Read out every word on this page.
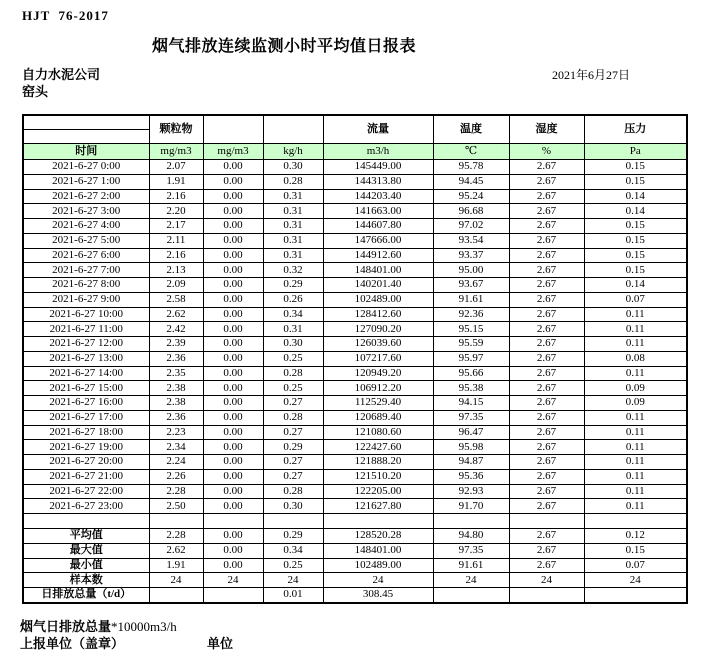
HJT  76-2017
烟气排放连续监测小时平均值日报表
自力水泥公司
窑头
2021年6月27日
	颗粒物			流量	温度	湿度	压力

时间	mg/m3	mg/m3	kg/h	m3/h	℃	%	Pa
2021-6-27 0:00	2.07	0.00	0.30	145449.00	95.78	2.67	0.15
2021-6-27 1:00	1.91	0.00	0.28	144313.80	94.45	2.67	0.15
2021-6-27 2:00	2.16	0.00	0.31	144203.40	95.24	2.67	0.14
2021-6-27 3:00	2.20	0.00	0.31	141663.00	96.68	2.67	0.14
2021-6-27 4:00	2.17	0.00	0.31	144607.80	97.02	2.67	0.15
2021-6-27 5:00	2.11	0.00	0.31	147666.00	93.54	2.67	0.15
2021-6-27 6:00	2.16	0.00	0.31	144912.60	93.37	2.67	0.15
2021-6-27 7:00	2.13	0.00	0.32	148401.00	95.00	2.67	0.15
2021-6-27 8:00	2.09	0.00	0.29	140201.40	93.67	2.67	0.14
2021-6-27 9:00	2.58	0.00	0.26	102489.00	91.61	2.67	0.07
2021-6-27 10:00	2.62	0.00	0.34	128412.60	92.36	2.67	0.11
2021-6-27 11:00	2.42	0.00	0.31	127090.20	95.15	2.67	0.11
2021-6-27 12:00	2.39	0.00	0.30	126039.60	95.59	2.67	0.11
2021-6-27 13:00	2.36	0.00	0.25	107217.60	95.97	2.67	0.08
2021-6-27 14:00	2.35	0.00	0.28	120949.20	95.66	2.67	0.11
2021-6-27 15:00	2.38	0.00	0.25	106912.20	95.38	2.67	0.09
2021-6-27 16:00	2.38	0.00	0.27	112529.40	94.15	2.67	0.09
2021-6-27 17:00	2.36	0.00	0.28	120689.40	97.35	2.67	0.11
2021-6-27 18:00	2.23	0.00	0.27	121080.60	96.47	2.67	0.11
2021-6-27 19:00	2.34	0.00	0.29	122427.60	95.98	2.67	0.11
2021-6-27 20:00	2.24	0.00	0.27	121888.20	94.87	2.67	0.11
2021-6-27 21:00	2.26	0.00	0.27	121510.20	95.36	2.67	0.11
2021-6-27 22:00	2.28	0.00	0.28	122205.00	92.93	2.67	0.11
2021-6-27 23:00	2.50	0.00	0.30	121627.80	91.70	2.67	0.11

平均值	2.28	0.00	0.29	128520.28	94.80	2.67	0.12
最大值	2.62	0.00	0.34	148401.00	97.35	2.67	0.15
最小值	1.91	0.00	0.25	102489.00	91.61	2.67	0.07
样本数	24	24	24	24	24	24	24
日排放总量（t/d）			0.01	308.45			
烟气日排放总量*10000m3/h
上报单位（盖章）	单位
